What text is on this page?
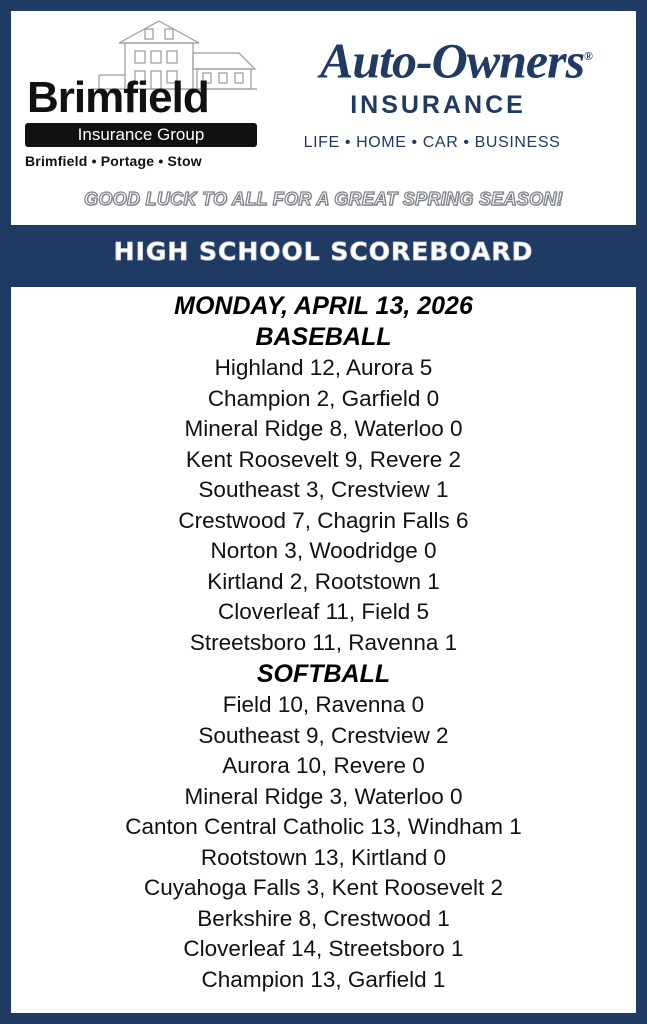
Brimfield
Insurance Group
Brimfield • Portage • Stow
Auto-Owners®
INSURANCE
LIFE • HOME • CAR • BUSINESS
GOOD LUCK TO ALL FOR A GREAT SPRING SEASON!
HIGH SCHOOL SCOREBOARD
MONDAY, APRIL 13, 2026
BASEBALL
Highland 12, Aurora 5
Champion 2, Garfield 0
Mineral Ridge 8, Waterloo 0
Kent Roosevelt 9, Revere 2
Southeast 3, Crestview 1
Crestwood 7, Chagrin Falls 6
Norton 3, Woodridge 0
Kirtland 2, Rootstown 1
Cloverleaf 11, Field 5
Streetsboro 11, Ravenna 1
SOFTBALL
Field 10, Ravenna 0
Southeast 9, Crestview 2
Aurora 10, Revere 0
Mineral Ridge 3, Waterloo 0
Canton Central Catholic 13, Windham 1
Rootstown 13, Kirtland 0
Cuyahoga Falls 3, Kent Roosevelt 2
Berkshire 8, Crestwood 1
Cloverleaf 14, Streetsboro 1
Champion 13, Garfield 1
